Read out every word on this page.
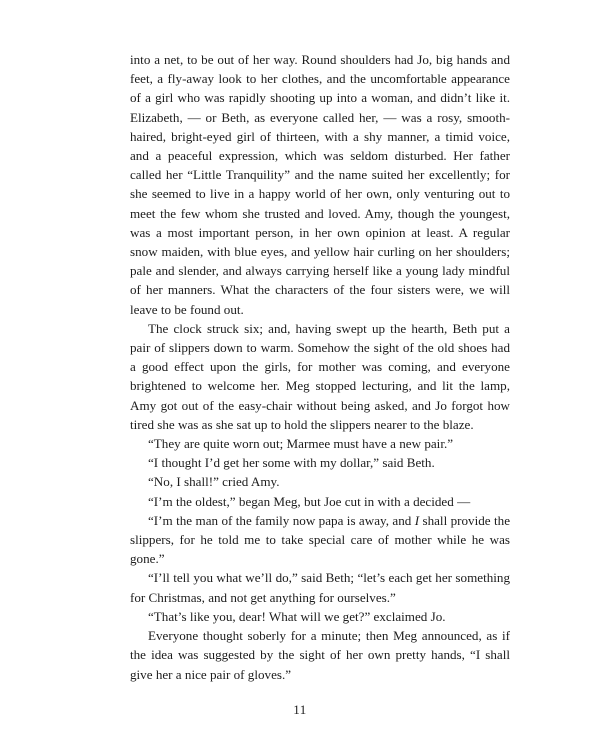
into a net, to be out of her way. Round shoulders had Jo, big hands and feet, a fly-away look to her clothes, and the uncomfortable appearance of a girl who was rapidly shooting up into a woman, and didn’t like it. Elizabeth, — or Beth, as everyone called her, — was a rosy, smooth-haired, bright-eyed girl of thirteen, with a shy manner, a timid voice, and a peaceful expression, which was seldom disturbed. Her father called her “Little Tranquility” and the name suited her excellently; for she seemed to live in a happy world of her own, only venturing out to meet the few whom she trusted and loved. Amy, though the youngest, was a most important person, in her own opinion at least. A regular snow maiden, with blue eyes, and yellow hair curling on her shoulders; pale and slender, and always carrying herself like a young lady mindful of her manners. What the characters of the four sisters were, we will leave to be found out.

The clock struck six; and, having swept up the hearth, Beth put a pair of slippers down to warm. Somehow the sight of the old shoes had a good effect upon the girls, for mother was coming, and everyone brightened to welcome her. Meg stopped lecturing, and lit the lamp, Amy got out of the easy-chair without being asked, and Jo forgot how tired she was as she sat up to hold the slippers nearer to the blaze.

“They are quite worn out; Marmee must have a new pair.”

“I thought I’d get her some with my dollar,” said Beth.

“No, I shall!” cried Amy.

“I’m the oldest,” began Meg, but Joe cut in with a decided —

“I’m the man of the family now papa is away, and I shall provide the slippers, for he told me to take special care of mother while he was gone.”

“I’ll tell you what we’ll do,” said Beth; “let’s each get her something for Christmas, and not get anything for ourselves.”

“That’s like you, dear! What will we get?” exclaimed Jo.

Everyone thought soberly for a minute; then Meg announced, as if the idea was suggested by the sight of her own pretty hands, “I shall give her a nice pair of gloves.”

11
